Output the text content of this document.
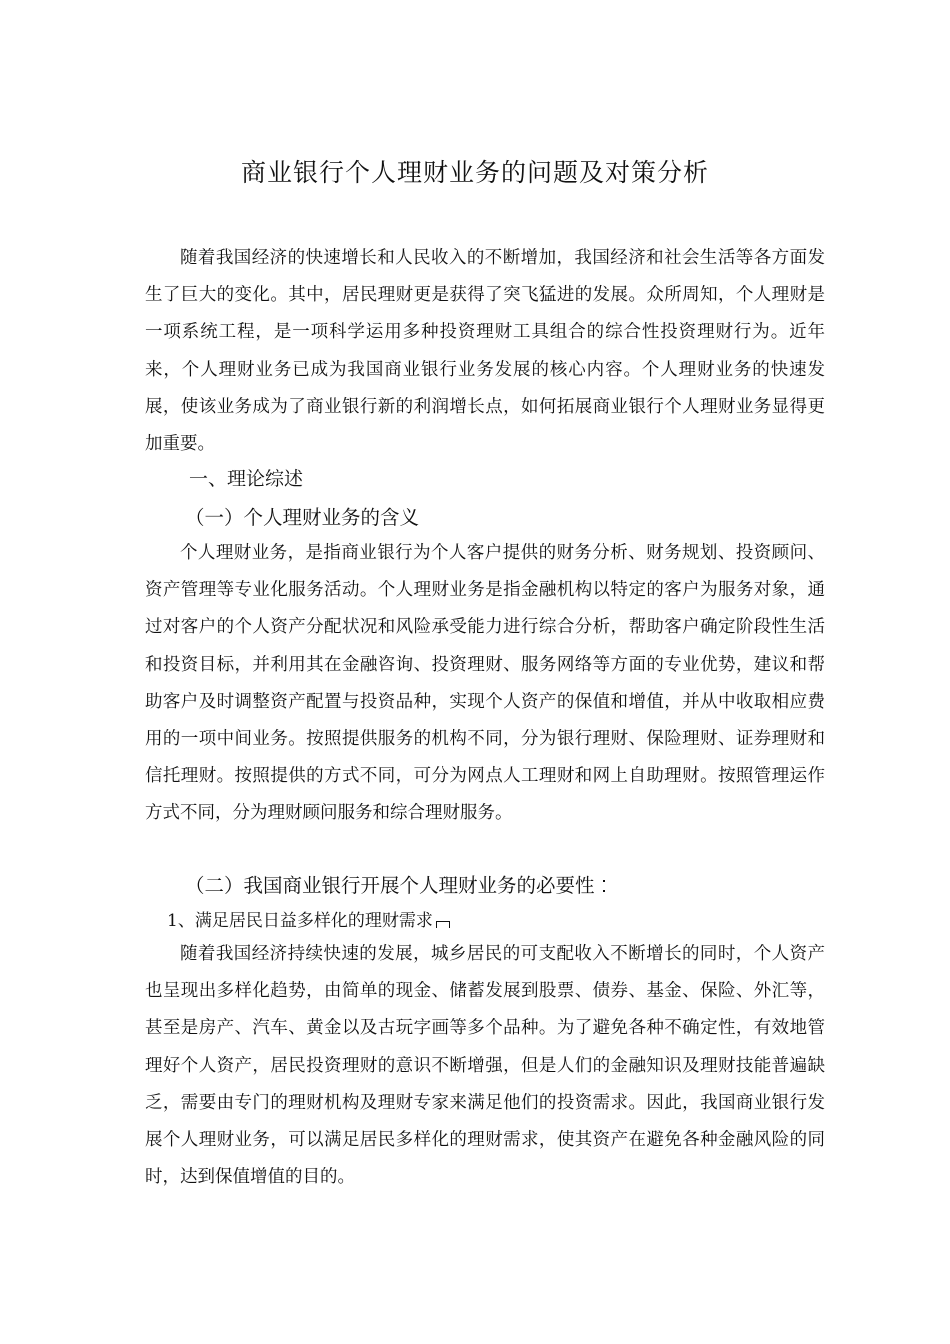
商业银行个人理财业务的问题及对策分析

随着我国经济的快速增长和人民收入的不断增加，我国经济和社会生活等各方面发生了巨大的变化。其中，居民理财更是获得了突飞猛进的发展。众所周知，个人理财是一项系统工程，是一项科学运用多种投资理财工具组合的综合性投资理财行为。近年来，个人理财业务已成为我国商业银行业务发展的核心内容。个人理财业务的快速发展，使该业务成为了商业银行新的利润增长点，如何拓展商业银行个人理财业务显得更加重要。

一、理论综述
（一）个人理财业务的含义

个人理财业务，是指商业银行为个人客户提供的财务分析、财务规划、投资顾问、资产管理等专业化服务活动。个人理财业务是指金融机构以特定的客户为服务对象，通过对客户的个人资产分配状况和风险承受能力进行综合分析，帮助客户确定阶段性生活和投资目标，并利用其在金融咨询、投资理财、服务网络等方面的专业优势，建议和帮助客户及时调整资产配置与投资品种，实现个人资产的保值和增值，并从中收取相应费用的一项中间业务。按照提供服务的机构不同，分为银行理财、保险理财、证券理财和信托理财。按照提供的方式不同，可分为网点人工理财和网上自助理财。按照管理运作方式不同，分为理财顾问服务和综合理财服务。

（二）我国商业银行开展个人理财业务的必要性
1、满足居民日益多样化的理财需求

随着我国经济持续快速的发展，城乡居民的可支配收入不断增长的同时，个人资产也呈现出多样化趋势，由简单的现金、储蓄发展到股票、债券、基金、保险、外汇等，甚至是房产、汽车、黄金以及古玩字画等多个品种。为了避免各种不确定性，有效地管理好个人资产，居民投资理财的意识不断增强，但是人们的金融知识及理财技能普遍缺乏，需要由专门的理财机构及理财专家来满足他们的投资需求。因此，我国商业银行发展个人理财业务，可以满足居民多样化的理财需求，使其资产在避免各种金融风险的同时，达到保值增值的目的。
